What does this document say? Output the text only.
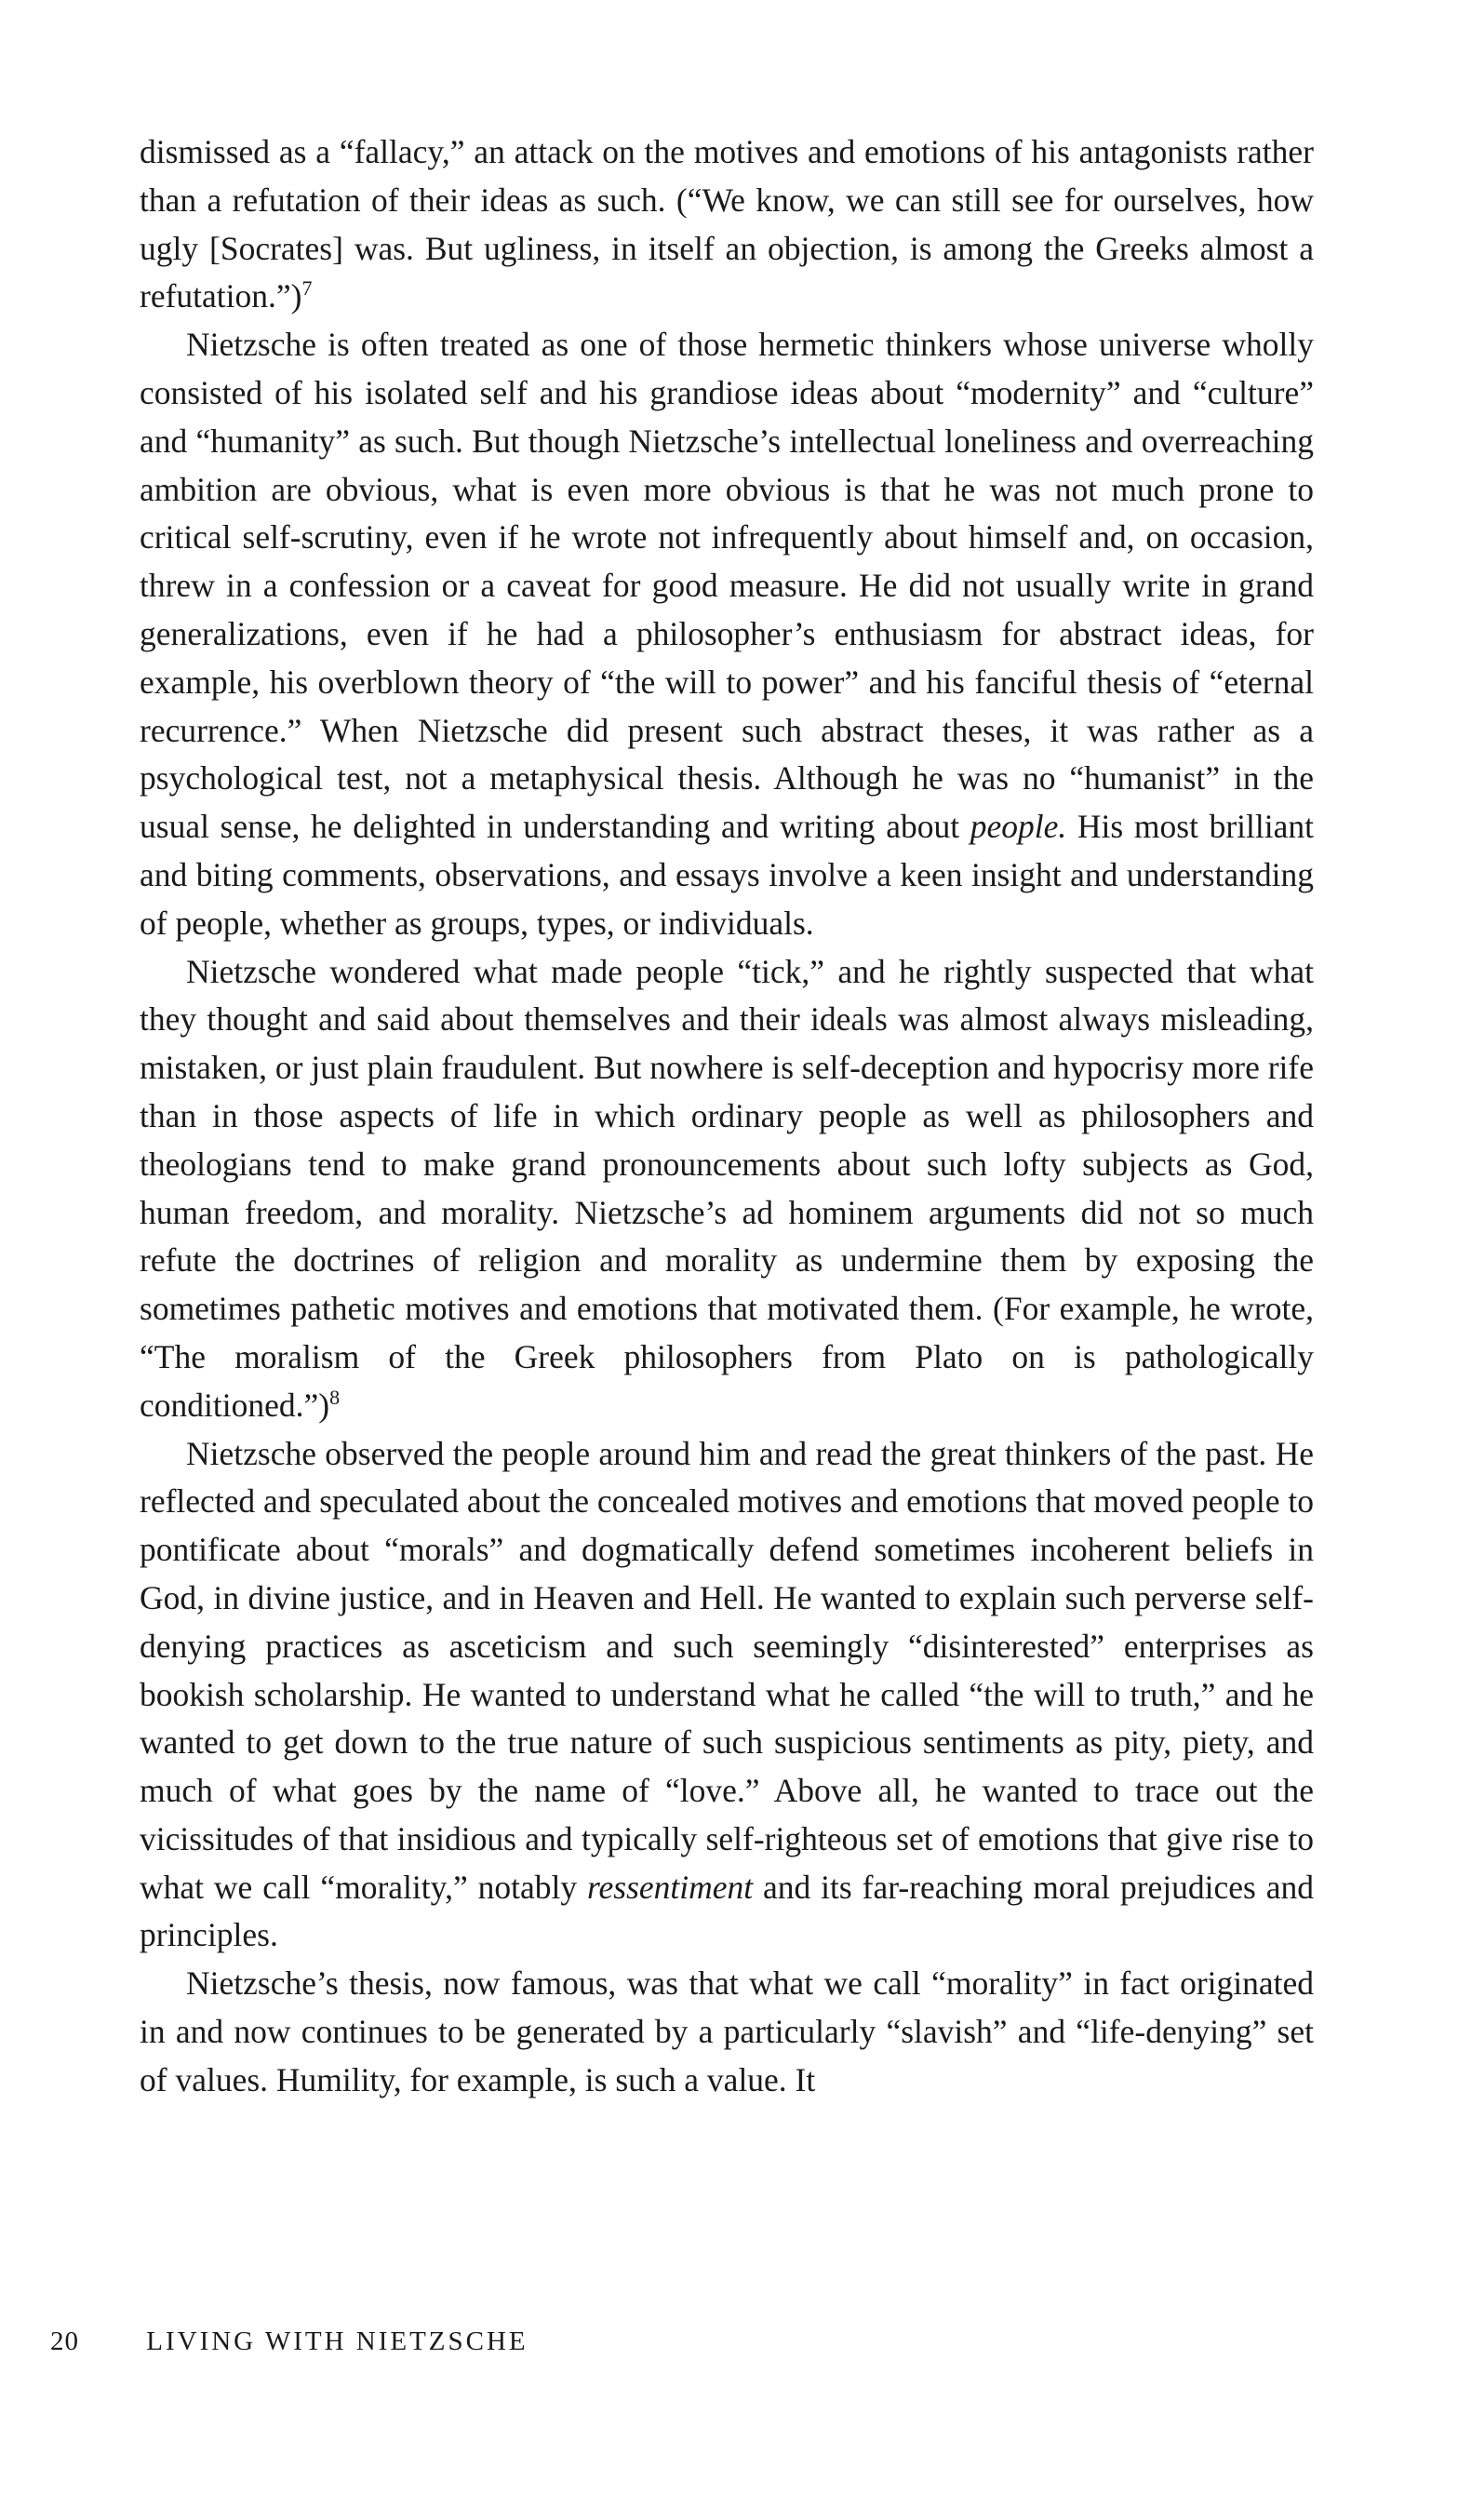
dismissed as a “fallacy,” an attack on the motives and emotions of his antagonists rather than a refutation of their ideas as such. (“We know, we can still see for ourselves, how ugly [Socrates] was. But ugliness, in itself an objection, is among the Greeks almost a refutation.”)$^7$

Nietzsche is often treated as one of those hermetic thinkers whose universe wholly consisted of his isolated self and his grandiose ideas about “modernity” and “culture” and “humanity” as such. But though Nietzsche’s intellectual loneliness and overreaching ambition are obvious, what is even more obvious is that he was not much prone to critical self-scrutiny, even if he wrote not infrequently about himself and, on occasion, threw in a confession or a caveat for good measure. He did not usually write in grand generalizations, even if he had a philosopher’s enthusiasm for abstract ideas, for example, his overblown theory of “the will to power” and his fanciful thesis of “eternal recurrence.” When Nietzsche did present such abstract theses, it was rather as a psychological test, not a metaphysical thesis. Although he was no “humanist” in the usual sense, he delighted in understanding and writing about people. His most brilliant and biting comments, observations, and essays involve a keen insight and understanding of people, whether as groups, types, or individuals.

Nietzsche wondered what made people “tick,” and he rightly suspected that what they thought and said about themselves and their ideals was almost always misleading, mistaken, or just plain fraudulent. But nowhere is self-deception and hypocrisy more rife than in those aspects of life in which ordinary people as well as philosophers and theologians tend to make grand pronouncements about such lofty subjects as God, human freedom, and morality. Nietzsche’s ad hominem arguments did not so much refute the doctrines of religion and morality as undermine them by exposing the sometimes pathetic motives and emotions that motivated them. (For example, he wrote, “The moralism of the Greek philosophers from Plato on is pathologically conditioned.”)$^8$

Nietzsche observed the people around him and read the great thinkers of the past. He reflected and speculated about the concealed motives and emotions that moved people to pontificate about “morals” and dogmatically defend sometimes incoherent beliefs in God, in divine justice, and in Heaven and Hell. He wanted to explain such perverse self-denying practices as asceticism and such seemingly “disinterested” enterprises as bookish scholarship. He wanted to understand what he called “the will to truth,” and he wanted to get down to the true nature of such suspicious sentiments as pity, piety, and much of what goes by the name of “love.” Above all, he wanted to trace out the vicissitudes of that insidious and typically self-righteous set of emotions that give rise to what we call “morality,” notably ressentiment and its far-reaching moral prejudices and principles.

Nietzsche’s thesis, now famous, was that what we call “morality” in fact originated in and now continues to be generated by a particularly “slavish” and “life-denying” set of values. Humility, for example, is such a value. It

20 LIVING WITH NIETZSCHE
